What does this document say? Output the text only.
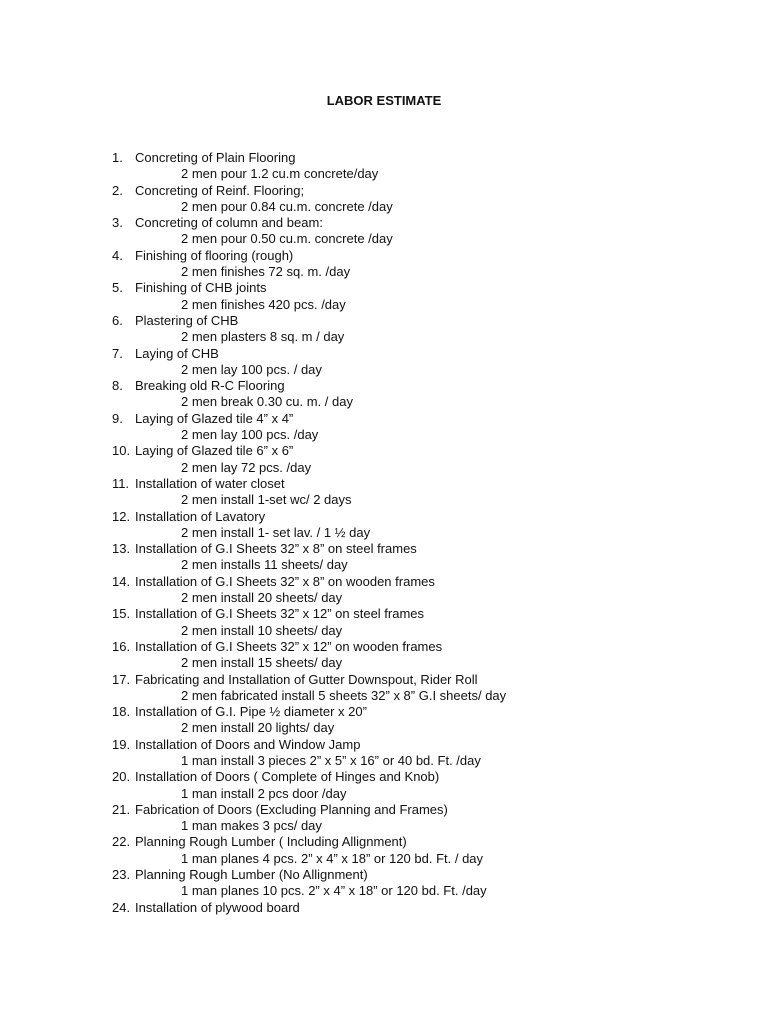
LABOR ESTIMATE
1. Concreting of Plain Flooring
2 men pour 1.2 cu.m concrete/day
2. Concreting of Reinf. Flooring;
2 men pour 0.84 cu.m. concrete /day
3. Concreting of column and beam:
2 men pour 0.50 cu.m. concrete /day
4. Finishing of flooring (rough)
2 men finishes 72 sq. m. /day
5. Finishing of CHB joints
2 men finishes 420 pcs. /day
6. Plastering of CHB
2 men plasters 8 sq. m / day
7. Laying of CHB
2 men lay 100 pcs. / day
8. Breaking old R-C Flooring
2 men break 0.30 cu. m. / day
9. Laying of Glazed tile 4” x 4”
2 men lay 100 pcs. /day
10. Laying of Glazed tile 6” x 6”
2 men lay 72 pcs. /day
11. Installation of water closet
2 men install 1-set wc/ 2 days
12. Installation of Lavatory
2 men install 1- set lav. / 1 ½ day
13. Installation of G.I Sheets 32” x 8” on steel frames
2 men installs 11 sheets/ day
14. Installation of G.I Sheets 32” x 8” on wooden frames
2 men install 20 sheets/ day
15. Installation of G.I Sheets 32” x 12” on steel frames
2 men install 10 sheets/ day
16. Installation of G.I Sheets 32” x 12” on wooden frames
2 men install 15 sheets/ day
17. Fabricating and Installation of Gutter Downspout, Rider Roll
2 men fabricated install 5 sheets 32” x 8” G.I sheets/ day
18. Installation of G.I. Pipe ½ diameter x 20”
2 men install 20 lights/ day
19. Installation of Doors and Window Jamp
1 man install 3 pieces 2” x 5” x 16” or 40 bd. Ft. /day
20. Installation of Doors ( Complete of Hinges and Knob)
1 man install 2 pcs door /day
21. Fabrication of Doors (Excluding Planning and Frames)
1 man makes 3 pcs/ day
22. Planning Rough Lumber ( Including Allignment)
1 man planes 4 pcs. 2” x 4” x 18” or 120 bd. Ft. / day
23. Planning Rough Lumber (No Allignment)
1 man planes 10 pcs. 2” x 4” x 18” or 120 bd. Ft. /day
24. Installation of plywood board
